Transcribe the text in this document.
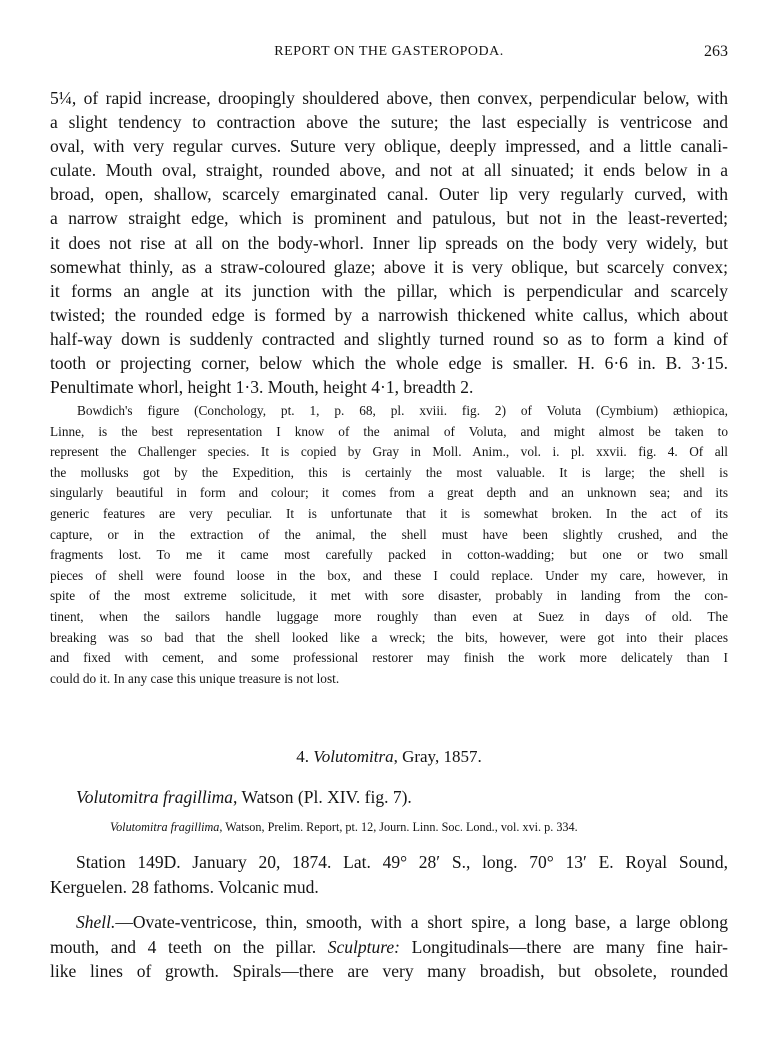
REPORT ON THE GASTEROPODA.	263
5¼, of rapid increase, droopingly shouldered above, then convex, perpendicular below, with
a slight tendency to contraction above the suture; the last especially is ventricose and
oval, with very regular curves. Suture very oblique, deeply impressed, and a little canali-
culate. Mouth oval, straight, rounded above, and not at all sinuated; it ends below in a
broad, open, shallow, scarcely emarginated canal. Outer lip very regularly curved, with
a narrow straight edge, which is prominent and patulous, but not in the least-reverted;
it does not rise at all on the body-whorl. Inner lip spreads on the body very widely, but
somewhat thinly, as a straw-coloured glaze; above it is very oblique, but scarcely convex;
it forms an angle at its junction with the pillar, which is perpendicular and scarcely
twisted; the rounded edge is formed by a narrowish thickened white callus, which about
half-way down is suddenly contracted and slightly turned round so as to form a kind of
tooth or projecting corner, below which the whole edge is smaller. H. 6·6 in. B. 3·15.
Penultimate whorl, height 1·3. Mouth, height 4·1, breadth 2.
Bowdich's figure (Conchology, pt. 1, p. 68, pl. xviii. fig. 2) of Voluta (Cymbium) æthiopica,
Linne, is the best representation I know of the animal of Voluta, and might almost be taken to
represent the Challenger species. It is copied by Gray in Moll. Anim., vol. i. pl. xxvii. fig. 4. Of all
the mollusks got by the Expedition, this is certainly the most valuable. It is large; the shell is
singularly beautiful in form and colour; it comes from a great depth and an unknown sea; and its
generic features are very peculiar. It is unfortunate that it is somewhat broken. In the act of its
capture, or in the extraction of the animal, the shell must have been slightly crushed, and the
fragments lost. To me it came most carefully packed in cotton-wadding; but one or two small
pieces of shell were found loose in the box, and these I could replace. Under my care, however, in
spite of the most extreme solicitude, it met with sore disaster, probably in landing from the con-
tinent, when the sailors handle luggage more roughly than even at Suez in days of old. The
breaking was so bad that the shell looked like a wreck; the bits, however, were got into their places
and fixed with cement, and some professional restorer may finish the work more delicately than I
could do it. In any case this unique treasure is not lost.
4. Volutomitra, Gray, 1857.
Volutomitra fragillima, Watson (Pl. XIV. fig. 7).
Volutomitra fragillima, Watson, Prelim. Report, pt. 12, Journ. Linn. Soc. Lond., vol. xvi. p. 334.
Station 149D. January 20, 1874. Lat. 49° 28′ S., long. 70° 13′ E. Royal Sound,
Kerguelen. 28 fathoms. Volcanic mud.
Shell.—Ovate-ventricose, thin, smooth, with a short spire, a long base, a large oblong
mouth, and 4 teeth on the pillar. Sculpture: Longitudinals—there are many fine hair-
like lines of growth. Spirals—there are very many broadish, but obsolete, rounded
